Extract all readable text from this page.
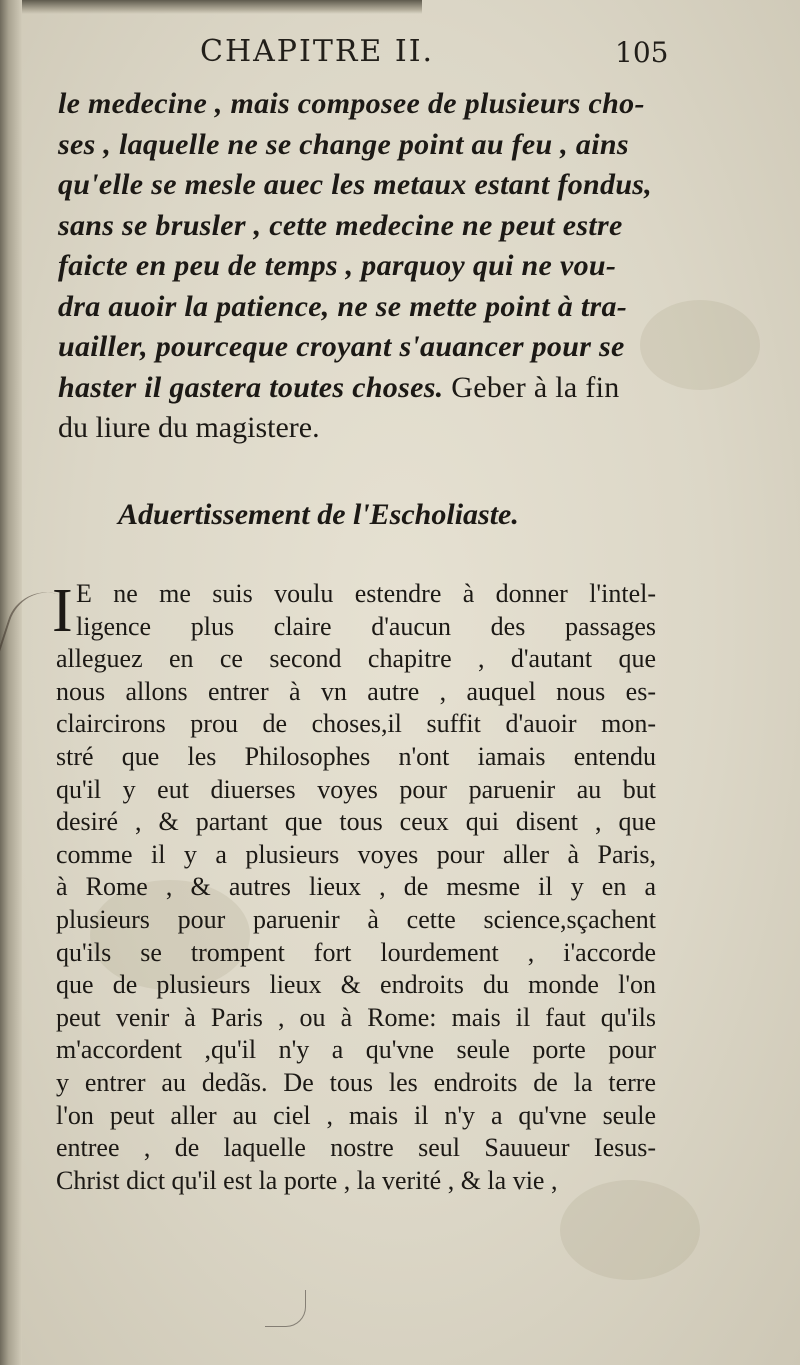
CHAPITRE II.	105
le medecine , mais composee de plusieurs cho-
ses , laquelle ne se change point au feu , ains
qu'elle se mesle auec les metaux estant fondus,
sans se brusler , cette medecine ne peut estre
faicte en peu de temps , parquoy qui ne vou-
dra auoir la patience, ne se mette point à tra-
uailler, pourceque croyant s'auancer pour se
haster il gastera toutes choses. Geber à la fin
du liure du magistere.
Aduertissement de l'Escholiaste.
I E ne me suis voulu estendre à donner l'intel-
ligence plus claire d'aucun des passages
alleguez en ce second chapitre , d'autant que
nous allons entrer à vn autre , auquel nous es-
claircirons prou de choses,il suffit d'auoir mon-
stré que les Philosophes n'ont iamais entendu
qu'il y eut diuerses voyes pour paruenir au but
desiré , & partant que tous ceux qui disent , que
comme il y a plusieurs voyes pour aller à Paris,
à Rome , & autres lieux , de mesme il y en a
plusieurs pour paruenir à cette science,sçachent
qu'ils se trompent fort lourdement , i'accorde
que de plusieurs lieux & endroits du monde l'on
peut venir à Paris , ou à Rome: mais il faut qu'ils
m'accordent ,qu'il n'y a qu'vne seule porte pour
y entrer au dedãs. De tous les endroits de la terre
l'on peut aller au ciel , mais il n'y a qu'vne seule
entree , de laquelle nostre seul Sauueur Iesus-
Christ dict qu'il est la porte , la verité , & la vie ,
